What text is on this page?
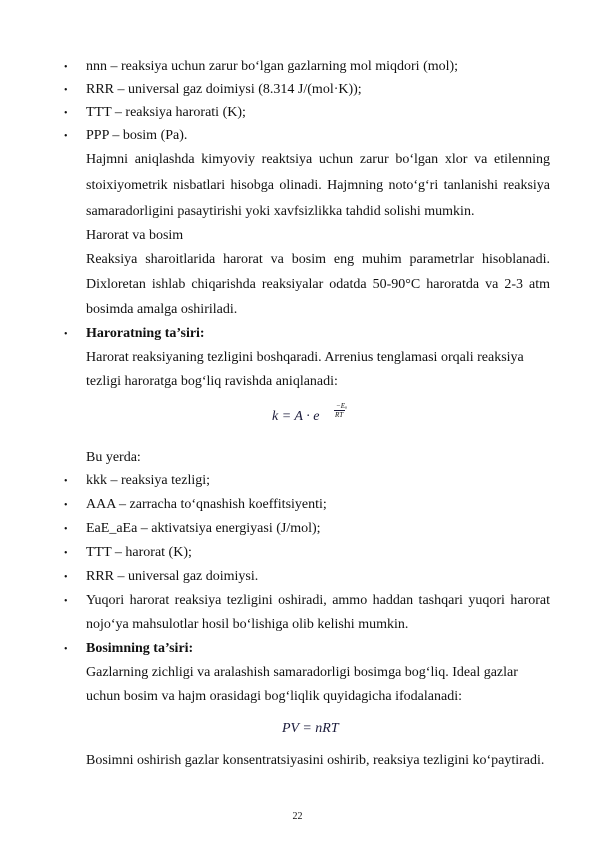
• nnn – reaksiya uchun zarur bo‘lgan gazlarning mol miqdori (mol);
• RRR – universal gaz doimiysi (8.314 J/(mol·K));
• TTT – reaksiya harorati (K);
• PPP – bosim (Pa).
Hajmni aniqlashda kimyoviy reaktsiya uchun zarur bo‘lgan xlor va etilenning
stoixiyometrik nisbatlari hisobga olinadi. Hajmning noto‘g‘ri tanlanishi reaksiya
samaradorligini pasaytirishi yoki xavfsizlikka tahdid solishi mumkin.
Harorat va bosim
Reaksiya sharoitlarida harorat va bosim eng muhim parametrlar hisoblanadi.
Dixloretan ishlab chiqarishda reaksiyalar odatda 50-90°C haroratda va 2-3 atm
bosimda amalga oshiriladi.
• Haroratning ta’siri:
Harorat reaksiyaning tezligini boshqaradi. Arrenius tenglamasi orqali reaksiya
tezligi haroratga bog‘liq ravishda aniqlanadi:
k = A · e
−Eₐ
RT
Bu yerda:
• kkk – reaksiya tezligi;
• AAA – zarracha to‘qnashish koeffitsiyenti;
• EaE_aEa – aktivatsiya energiyasi (J/mol);
• TTT – harorat (K);
• RRR – universal gaz doimiysi.
• Yuqori harorat reaksiya tezligini oshiradi, ammo haddan tashqari yuqori harorat
nojo‘ya mahsulotlar hosil bo‘lishiga olib kelishi mumkin.
• Bosimning ta’siri:
Gazlarning zichligi va aralashish samaradorligi bosimga bog‘liq. Ideal gazlar
uchun bosim va hajm orasidagi bog‘liqlik quyidagicha ifodalanadi:
PV = nRT
Bosimni oshirish gazlar konsentratsiyasini oshirib, reaksiya tezligini ko‘paytiradi.
22
